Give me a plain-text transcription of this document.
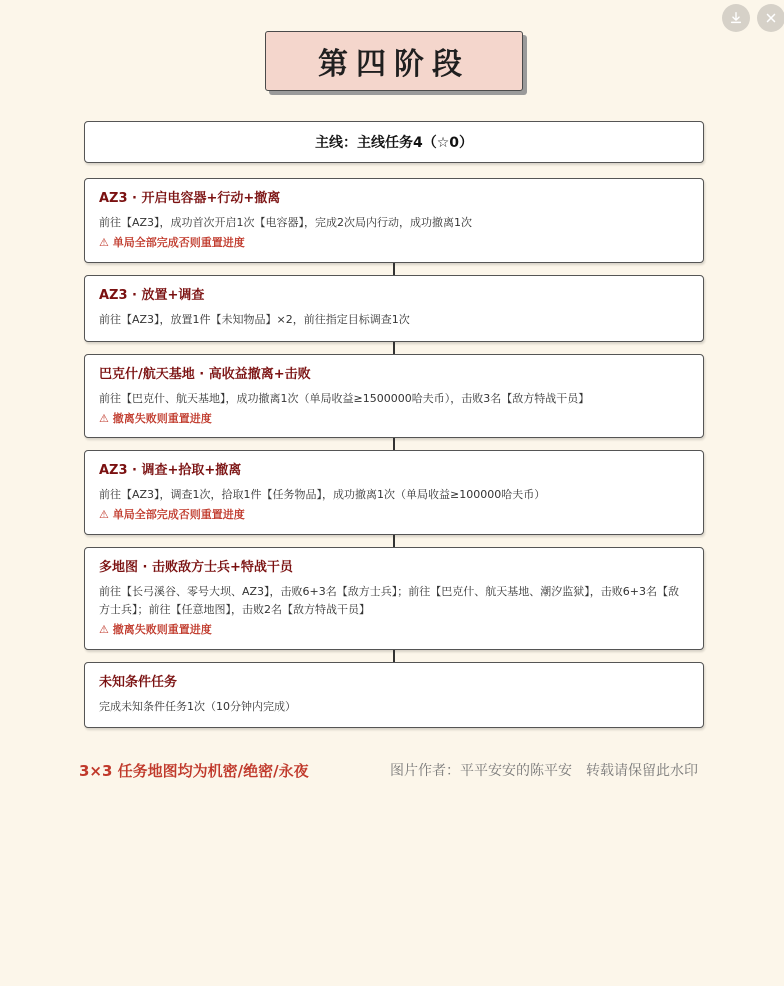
第四阶段
主线：主线任务4（☆0）
AZ3 · 开启电容器+行动+撤离
前往【AZ3】，成功首次开启1次【电容器】，完成2次局内行动，成功撤离1次
⚠ 单局全部完成否则重置进度
AZ3 · 放置+调查
前往【AZ3】，放置1件【未知物品】×2，前往指定目标调查1次
巴克什/航天基地 · 高收益撤离+击败
前往【巴克什、航天基地】，成功撤离1次（单局收益≥1500000哈夫币），击败3名【敌方特战干员】
⚠ 撤离失败则重置进度
AZ3 · 调查+拾取+撤离
前往【AZ3】，调查1次，拾取1件【任务物品】，成功撤离1次（单局收益≥100000哈夫币）
⚠ 单局全部完成否则重置进度
多地图 · 击败敌方士兵+特战干员
前往【长弓溪谷、零号大坝、AZ3】，击败6+3名【敌方士兵】；前往【巴克什、航天基地、潮汐监狱】，击败6+3名【敌方士兵】；前往【任意地图】，击败2名【敌方特战干员】
⚠ 撤离失败则重置进度
未知条件任务
完成未知条件任务1次（10分钟内完成）
3×3 任务地图均为机密/绝密/永夜	图片作者：平平安安的陈平安　转载请保留此水印
